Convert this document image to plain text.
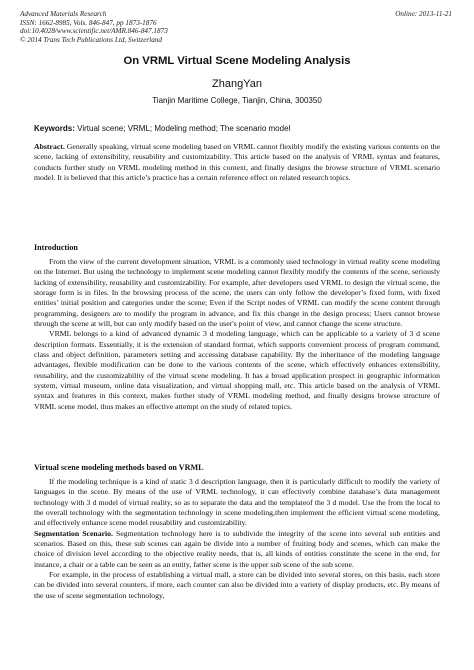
Advanced Materials Research
ISSN: 1662-8985, Vols. 846-847, pp 1873-1876
doi:10.4028/www.scientific.net/AMR.846-847.1873
© 2014 Trans Tech Publications Ltd, Switzerland
Online: 2013-11-21
On VRML Virtual Scene Modeling Analysis
ZhangYan
Tianjin Maritime College, Tianjin, China, 300350
Keywords: Virtual scene; VRML; Modeling method; The scenario model

Abstract. Generally speaking, virtual scene modeling based on VRML cannot flexibly modify the existing various contents on the scene, lacking of extensibility, reusability and customizability. This article based on the analysis of VRML syntax and features, conducts further study on VRML modeling method in this context, and finally designs the browse structure of VRML scenario model. It is believed that this article’s practice has a certain reference effect on related research topics.

Introduction

From the view of the current development situation, VRML is a commonly used technology in virtual reality scene modeling on the Internet. But using the technology to implement scene modeling cannot flexibly modify the contents of the scene, seriously lacking of extensibility, reusability and customizability. For example, after developers used VRML to design the virtual scene, the storage form is in files. In the browsing process of the scene, the users can only follow the developer’s fixed form, with fixed entities’ initial position and categories under the scene; Even if the Script nodes of VRML can modify the scene content through programming, designers are to modify the program in advance, and fix this change in the design process; Users cannot browse through the scene at will, but can only modify based on the user's point of view, and cannot change the scene structure.

VRML belongs to a kind of advanced dynamic 3 d modeling language, which can be applicable to a variety of 3 d scene description formats. Essentially, it is the extension of standard format, which supports convenient process of program command, class and object definition, parameters setting and accessing database capability. By the inheritance of the modeling language advantages, flexible modification can be done to the various contents of the scene, which effectively enhances extensibility, reusability, and the customizability of the virtual scene modeling. It has a broad application prospect in geographic information system, virtual museum, online data visualization, and virtual shopping mall, etc. This article based on the analysis of VRML syntax and features in this context, makes further study of VRML modeling method, and finally designs browse structure of VRML scene model, thus makes an effective attempt on the study of related topics.

Virtual scene modeling methods based on VRML

If the modeling technique is a kind of static 3 d description language, then it is particularly difficult to modify the variety of languages in the scene. By means of the use of VRML technology, it can effectively combine database’s data management technology with 3 d model of virtual reality, so as to separate the data and the templateof the 3 d model. Use the from the local to the overall technology with the segmentation technology in scene modeling,then implement the efficient virtual scene modeling, and effectively enhance scene model reusability and customizability.

Segmentation Scenario. Segmentation technology here is to subdivide the integrity of the scene into several sub entities and scenarios. Based on this, these sub scenes can again be divide into a number of fruiting body and scenes, which can make the choice of division level according to the objective reality needs, that is, all kinds of entities constitute the scene in the end, for instance, a chair or a table can be seen as an entity, father scene is the upper sub scene of the sub scene.

For example, in the process of establishing a virtual mall, a store can be divided into several stores, on this basis, each store can be divided into several counters, if more, each counter can also be divided into a variety of display products, etc. By means of the use of scene segmentation technology,
